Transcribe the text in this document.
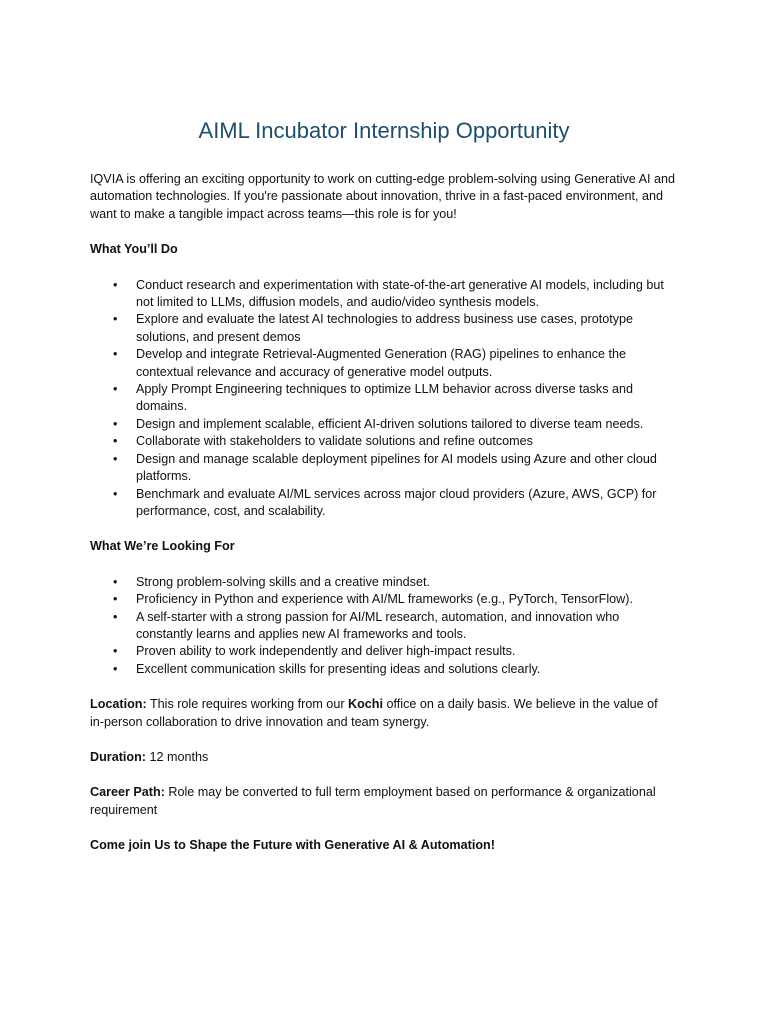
AIML Incubator Internship Opportunity

IQVIA is offering an exciting opportunity to work on cutting-edge problem-solving using Generative AI and automation technologies. If you're passionate about innovation, thrive in a fast-paced environment, and want to make a tangible impact across teams—this role is for you!

What You’ll Do

• Conduct research and experimentation with state-of-the-art generative AI models, including but not limited to LLMs, diffusion models, and audio/video synthesis models.
• Explore and evaluate the latest AI technologies to address business use cases, prototype solutions, and present demos
• Develop and integrate Retrieval-Augmented Generation (RAG) pipelines to enhance the contextual relevance and accuracy of generative model outputs.
• Apply Prompt Engineering techniques to optimize LLM behavior across diverse tasks and domains.
• Design and implement scalable, efficient AI-driven solutions tailored to diverse team needs.
• Collaborate with stakeholders to validate solutions and refine outcomes
• Design and manage scalable deployment pipelines for AI models using Azure and other cloud platforms.
• Benchmark and evaluate AI/ML services across major cloud providers (Azure, AWS, GCP) for performance, cost, and scalability.

What We’re Looking For

• Strong problem-solving skills and a creative mindset.
• Proficiency in Python and experience with AI/ML frameworks (e.g., PyTorch, TensorFlow).
• A self-starter with a strong passion for AI/ML research, automation, and innovation who constantly learns and applies new AI frameworks and tools.
• Proven ability to work independently and deliver high-impact results.
• Excellent communication skills for presenting ideas and solutions clearly.

Location: This role requires working from our Kochi office on a daily basis. We believe in the value of in-person collaboration to drive innovation and team synergy.

Duration: 12 months

Career Path: Role may be converted to full term employment based on performance & organizational requirement

Come join Us to Shape the Future with Generative AI & Automation!
